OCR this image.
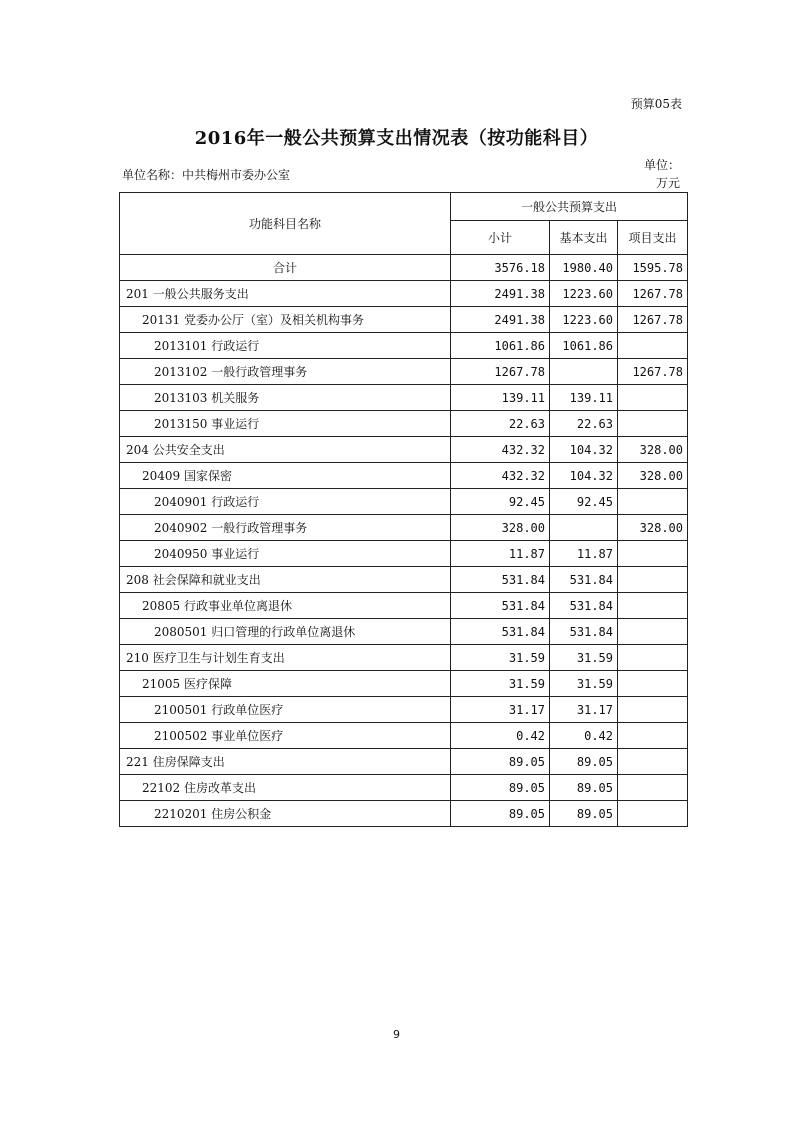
预算05表
2016年一般公共预算支出情况表（按功能科目）
单位名称：中共梅州市委办公室
单位：万元
功能科目名称	一般公共预算支出		
	小计	基本支出	项目支出
合计	3576.18	1980.40	1595.78
201 一般公共服务支出	2491.38	1223.60	1267.78
20131 党委办公厅（室）及相关机构事务	2491.38	1223.60	1267.78
2013101 行政运行	1061.86	1061.86	
2013102 一般行政管理事务	1267.78		1267.78
2013103 机关服务	139.11	139.11	
2013150 事业运行	22.63	22.63	
204 公共安全支出	432.32	104.32	328.00
20409 国家保密	432.32	104.32	328.00
2040901 行政运行	92.45	92.45	
2040902 一般行政管理事务	328.00		328.00
2040950 事业运行	11.87	11.87	
208 社会保障和就业支出	531.84	531.84	
20805 行政事业单位离退休	531.84	531.84	
2080501 归口管理的行政单位离退休	531.84	531.84	
210 医疗卫生与计划生育支出	31.59	31.59	
21005 医疗保障	31.59	31.59	
2100501 行政单位医疗	31.17	31.17	
2100502 事业单位医疗	0.42	0.42	
221 住房保障支出	89.05	89.05	
22102 住房改革支出	89.05	89.05	
2210201 住房公积金	89.05	89.05	
9
